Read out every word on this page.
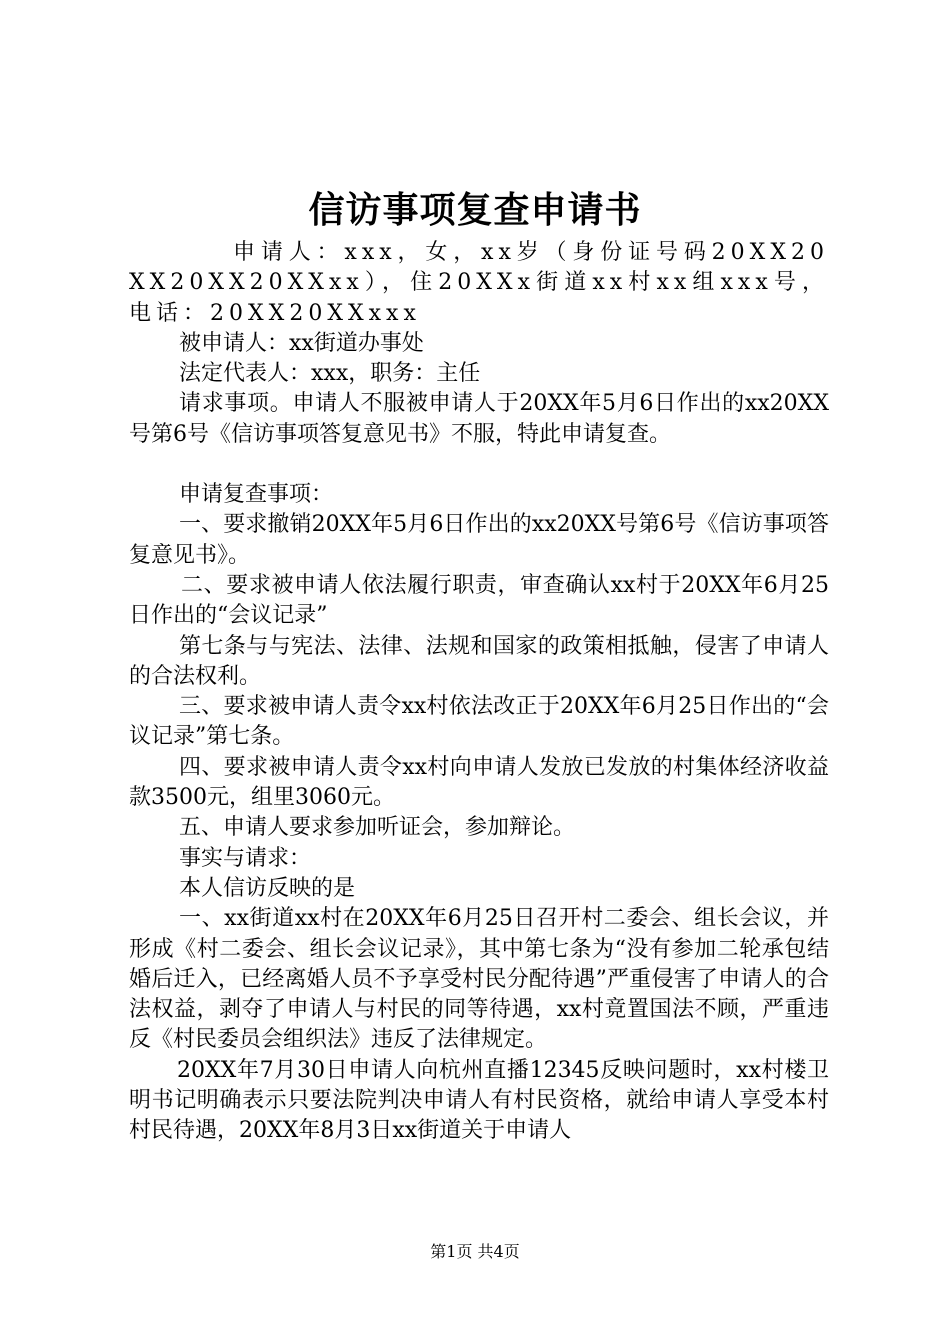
信访事项复查申请书

申请人：xxx，女，xx岁（身份证号码20XX20XX20XX20XXxx），住20XXx街道xx村xx组xxx号，电话：20XX20XXxxx

被申请人：xx街道办事处

法定代表人：xxx，职务：主任

请求事项。申请人不服被申请人于20XX年5月6日作出的xx20XX号第6号《信访事项答复意见书》不服，特此申请复查。

申请复查事项：

一、要求撤销20XX年5月6日作出的xx20XX号第6号《信访事项答复意见书》。

二、要求被申请人依法履行职责，审查确认xx村于20XX年6月25日作出的“会议记录”

第七条与与宪法、法律、法规和国家的政策相抵触，侵害了申请人的合法权利。

三、要求被申请人责令xx村依法改正于20XX年6月25日作出的“会议记录”第七条。

四、要求被申请人责令xx村向申请人发放已发放的村集体经济收益款3500元，组里3060元。

五、申请人要求参加听证会，参加辩论。

事实与请求：

本人信访反映的是

一、xx街道xx村在20XX年6月25日召开村二委会、组长会议，并形成《村二委会、组长会议记录》，其中第七条为“没有参加二轮承包结婚后迁入，已经离婚人员不予享受村民分配待遇”严重侵害了申请人的合法权益，剥夺了申请人与村民的同等待遇，xx村竟置国法不顾，严重违反《村民委员会组织法》违反了法律规定。

20XX年7月30日申请人向杭州直播12345反映问题时，xx村楼卫明书记明确表示只要法院判决申请人有村民资格，就给申请人享受本村村民待遇，20XX年8月3日xx街道关于申请人

第1页 共4页
